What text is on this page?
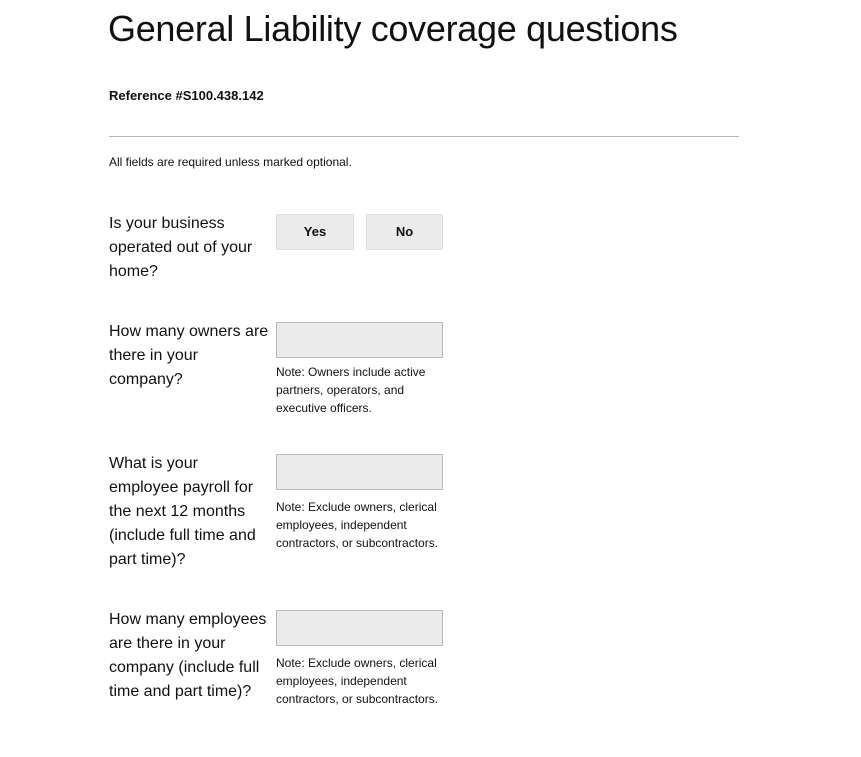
General Liability coverage questions
Reference #S100.438.142
All fields are required unless marked optional.
Is your business operated out of your home?
Yes	No
How many owners are there in your company?	Note: Owners include active partners, operators, and executive officers.
What is your employee payroll for the next 12 months (include full time and part time)?
Note: Exclude owners, clerical employees, independent contractors, or subcontractors.
How many employees are there in your company (include full time and part time)?
Note: Exclude owners, clerical employees, independent contractors, or subcontractors.
